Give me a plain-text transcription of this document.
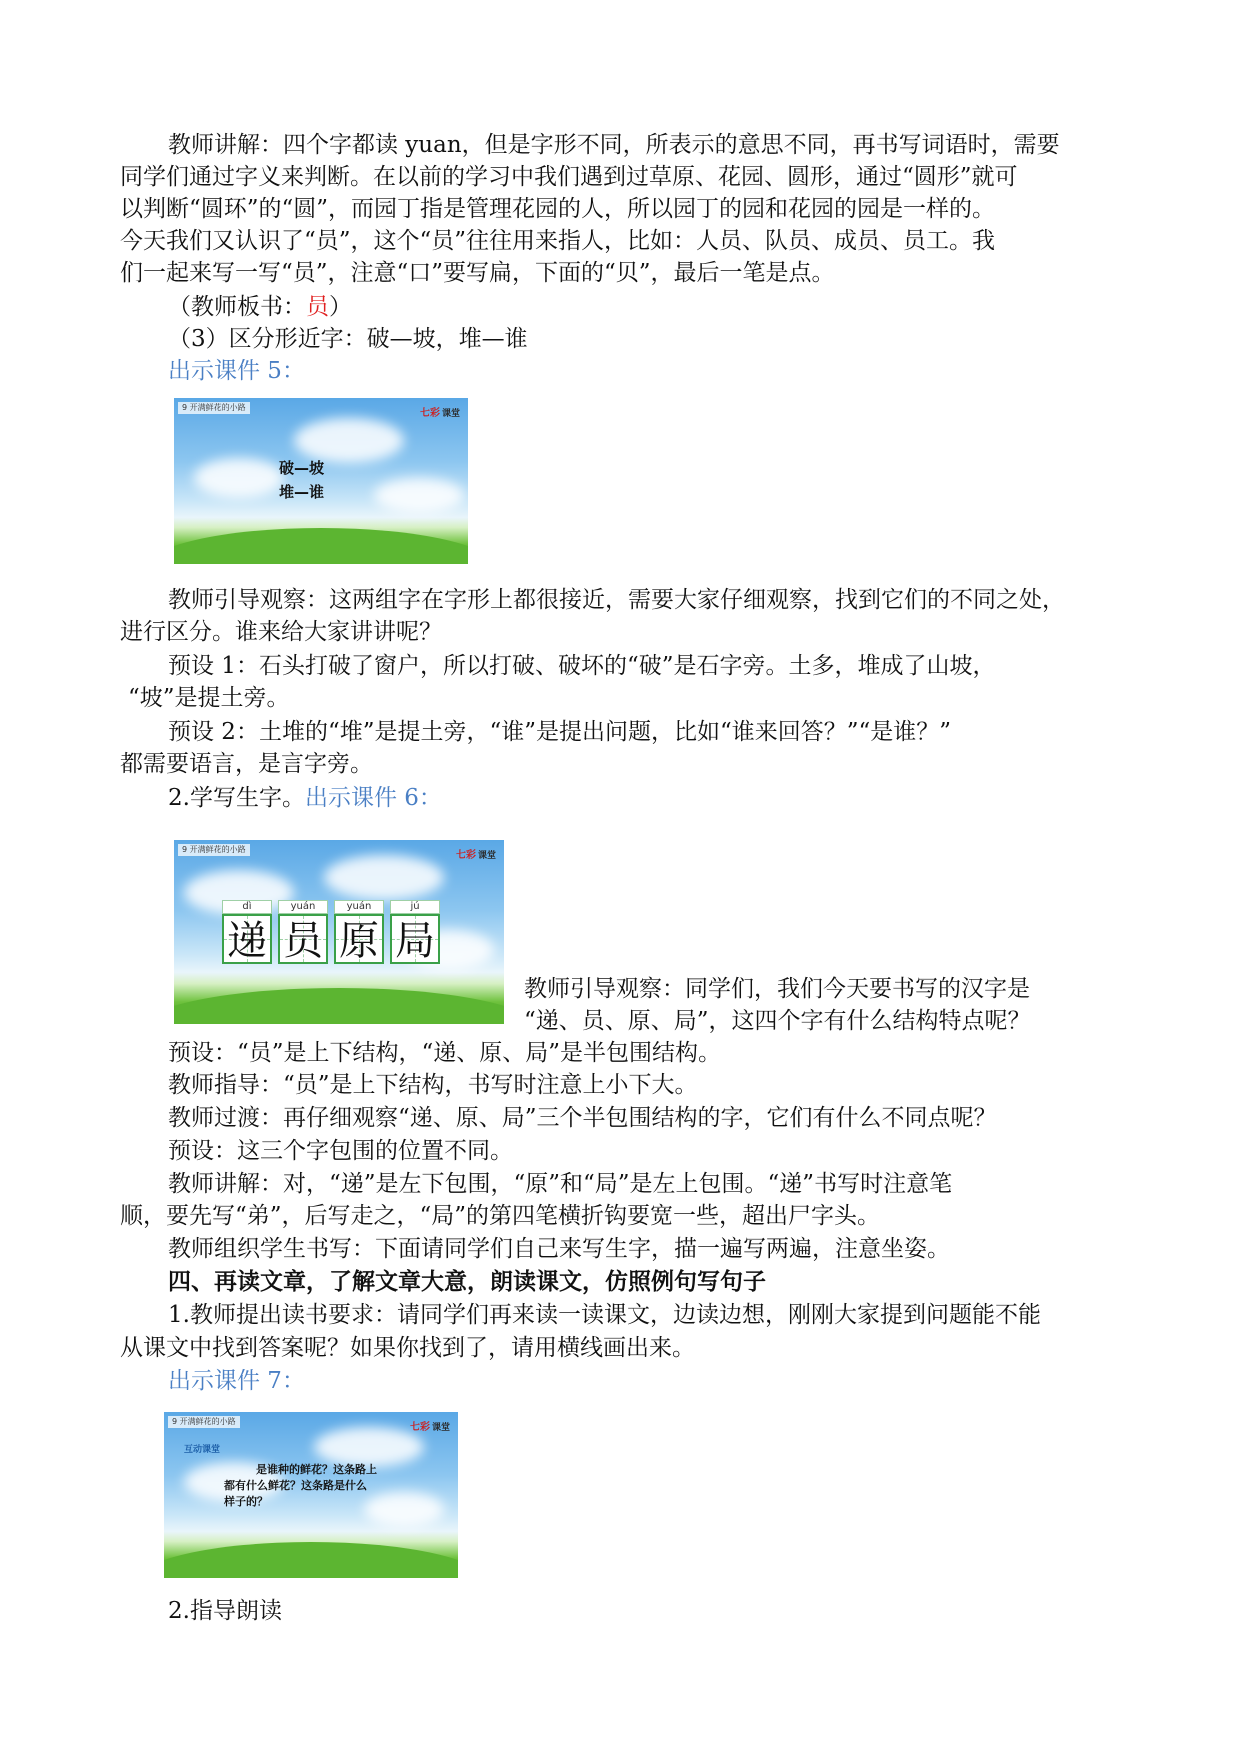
教师讲解：四个字都读 yuan，但是字形不同，所表示的意思不同，再书写词语时，需要
同学们通过字义来判断。在以前的学习中我们遇到过草原、花园、圆形，通过“圆形”就可
以判断“圆环”的“圆”，而园丁指是管理花园的人，所以园丁的园和花园的园是一样的。
今天我们又认识了“员”，这个“员”往往用来指人，比如：人员、队员、成员、员工。我
们一起来写一写“员”，注意“口”要写扁，下面的“贝”，最后一笔是点。
（教师板书：员）
（3）区分形近字：破—坡，堆—谁
出示课件 5：
9 开满鲜花的小路
七彩 课堂
破—坡
堆—谁
教师引导观察：这两组字在字形上都很接近，需要大家仔细观察，找到它们的不同之处，
进行区分。谁来给大家讲讲呢？
预设 1：石头打破了窗户，所以打破、破坏的“破”是石字旁。土多，堆成了山坡，
“坡”是提土旁。
预设 2：土堆的“堆”是提土旁，“谁”是提出问题，比如“谁来回答？”“是谁？”
都需要语言，是言字旁。
2.学写生字。出示课件 6：
9 开满鲜花的小路
七彩 课堂
dì	yuán	yuán	jú
递 员 原 局
教师引导观察：同学们，我们今天要书写的汉字是
“递、员、原、局”，这四个字有什么结构特点呢？
预设：“员”是上下结构，“递、原、局”是半包围结构。
教师指导：“员”是上下结构，书写时注意上小下大。
教师过渡：再仔细观察“递、原、局”三个半包围结构的字，它们有什么不同点呢？
预设：这三个字包围的位置不同。
教师讲解：对，“递”是左下包围，“原”和“局”是左上包围。“递”书写时注意笔
顺，要先写“弟”，后写走之，“局”的第四笔横折钩要宽一些，超出尸字头。
教师组织学生书写：下面请同学们自己来写生字，描一遍写两遍，注意坐姿。
四、再读文章，了解文章大意，朗读课文，仿照例句写句子
1.教师提出读书要求：请同学们再来读一读课文，边读边想，刚刚大家提到问题能不能
从课文中找到答案呢？如果你找到了，请用横线画出来。
出示课件 7：
9 开满鲜花的小路
七彩 课堂
互动课堂
是谁种的鲜花？这条路上
都有什么鲜花？这条路是什么
样子的？
2.指导朗读
